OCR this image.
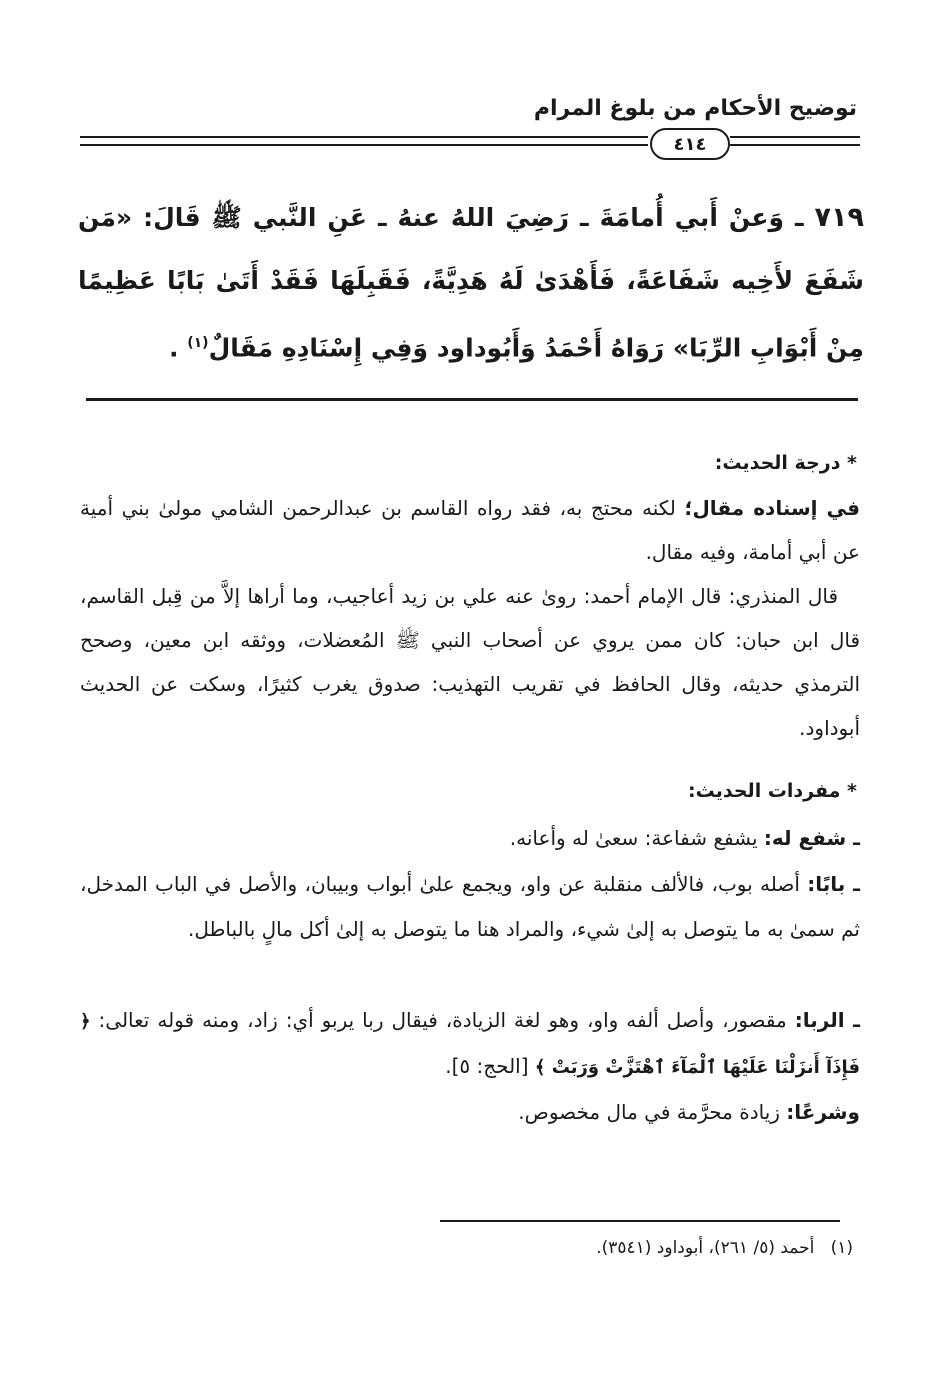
توضيح الأحكام من بلوغ المرام
٤١٤
٧١٩ ـ وَعنْ أَبي أُمامَةَ ـ رَضِيَ اللهُ عنهُ ـ عَنِ النَّبي ﷺ قَالَ: «مَن شَفَعَ لأَخِيه شَفَاعَةً، فَأَهْدَىٰ لَهُ هَدِيَّةً، فَقَبِلَهَا فَقَدْ أَتَىٰ بَابًا عَظِيمًا مِنْ أَبْوَابِ الرِّبَا» رَوَاهُ أَحْمَدُ وَأَبُوداود وَفِي إِسْنَادِهِ مَقَالٌ$^{(١)}$ .
* درجة الحديث:
في إسناده مقال؛ لكنه محتج به، فقد رواه القاسم بن عبدالرحمن الشامي مولىٰ بني أمية عن أبي أمامة، وفيه مقال.
قال المنذري: قال الإمام أحمد: روىٰ عنه علي بن زيد أعاجيب، وما أراها إلاَّ من قِبل القاسم، قال ابن حبان: كان ممن يروي عن أصحاب النبي ﷺ المُعضلات، ووثقه ابن معين، وصحح الترمذي حديثه، وقال الحافظ في تقريب التهذيب: صدوق يغرب كثيرًا، وسكت عن الحديث أبوداود.
* مفردات الحديث:
ـ شفع له: يشفع شفاعة: سعىٰ له وأعانه.
ـ بابًا: أصله بوب، فالألف منقلبة عن واو، ويجمع علىٰ أبواب وبيبان، والأصل في الباب المدخل، ثم سمىٰ به ما يتوصل به إلىٰ شيء، والمراد هنا ما يتوصل به إلىٰ أكل مالٍ بالباطل.
ـ الربا: مقصور، وأصل ألفه واو، وهو لغة الزيادة، فيقال ربا يربو أي: زاد، ومنه قوله تعالى: ﴿ فَإِذَآ أَنزَلْنَا عَلَيْهَا ٱلْمَآءَ ٱهْتَزَّتْ وَرَبَتْ ﴾ [الحج: ٥].
وشرعًا: زيادة محرَّمة في مال مخصوص.
(١)   أحمد (٥/ ٢٦١)، أبوداود (٣٥٤١).
